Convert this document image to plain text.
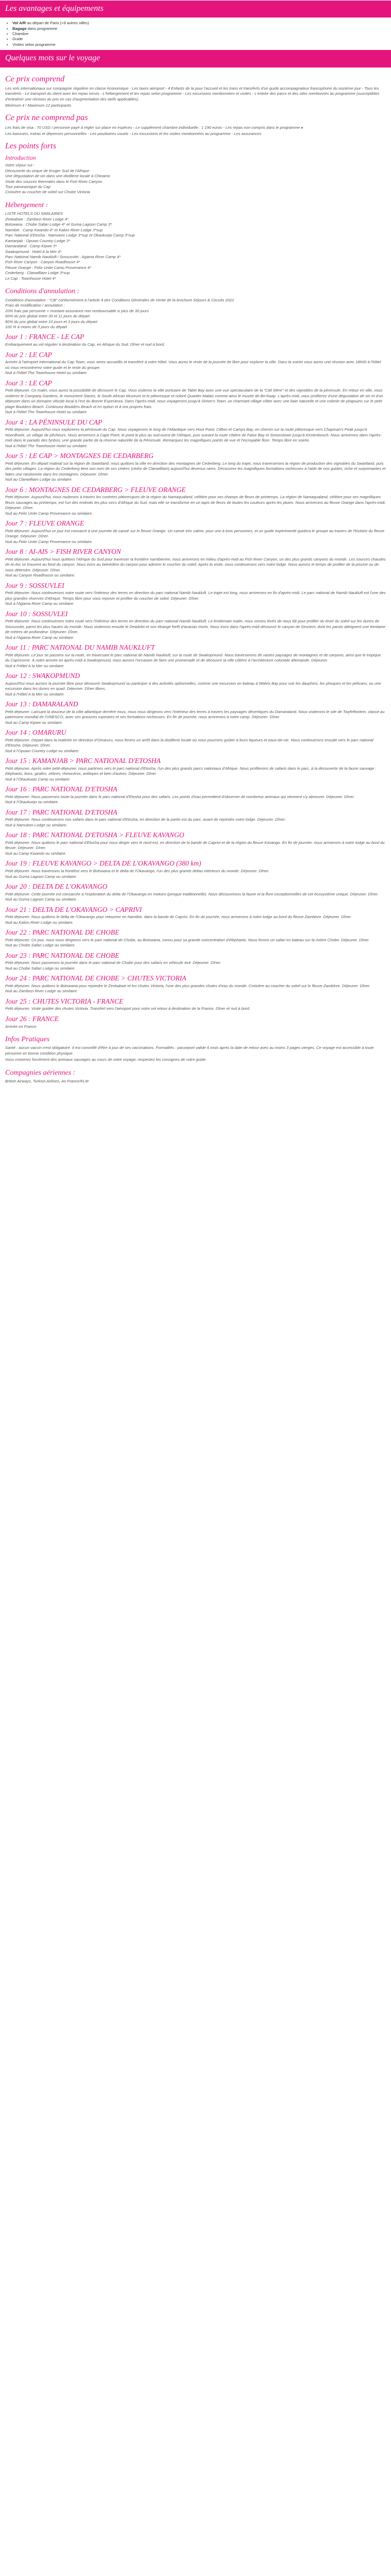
Les avantages et équipements
• Vol A/R au départ de Paris (+9 autres villes)
• Bagage dans programme
• Chambre
• Guide
• Visites selon programme
Quelques mots sur le voyage
Ce prix comprend
Les vols internationaux sur compagnie régulière en classe économique - Les taxes aéroport - 4 Enfants de la pour l'accueil et les trans et transferts d'un guide accompagnateur francophone du onzième jour - Tous les transferts - Le transport du client avec les repas servis - L'hébergement et les repas selon programme - Les excursions mentionnées et visites - L'entrée des parcs et des sites mentionnés au programme (susceptibles d'entraîner une révision du prix en cas d'augmentation des tarifs applicables).
Minimum 4 / Maximum 12 participants
Ce prix ne comprend pas
Les frais de visa : 70 USD / personne payé à régler sur place en espèces - Le supplément chambre individuelle : 1 190 euros - Les repas non compris dans le programme ▸
Les boissons, extras et dépenses personnelles - Les pourboires usuels - Les excursions et les visites mentionnées au programme - Les assurances
Les points forts
Introduction
Votre séjour sur :
Découverte du cirque de Kruger Sud de l'Afrique
Une dégustation de vin dans une distillerie locale à Chinamo
Visite des sources thermales dans le Fish River Canyon
Tour panoramique du Cap
Croisière au coucher de soleil sur Chobe Victoria
Hébergement :
LISTE HOTELS OU SIMILAIRES
Zimbabwe : Zambezi River Lodge 4*
Botswana : Chobe Safari Lodge 4* et Guma Lagoon Camp 3*
Namibie : Camp Kwando 4* et Kalizo River Lodge 3*sup
Parc National d'Etosha : Namutoni Lodge 3*sup et Okaukuejo Camp 3*sup
Kamanjab : Opuwo Country Lodge 3*
Damaraland : Camp Kipwe 3*
Swakopmund : Hotel A la Mer 4*
Parc National Namib Naukluft / Sossusvlei : Agama River Camp 4*
Fish River Canyon : Canyon Roadhouse 4*
Fleuve Orange : Felix Unite Camp Provenance 4*
Cederberg : Clanwilliam Lodge 3*sup
Le Cap : Townhouse Hotel 4*
Conditions d'annulation :
Conditions d'annulation : "CB" conformément à l'article 4 des Conditions Générales de Vente de la brochure Séjours & Circuits 2022
Frais de modification / annulation :
20% frais par personne + montant assurance non remboursable si plus de 30 jours
60% du prix global entre 30 et 11 jours du départ
80% du prix global entre 10 jours et 3 jours du départ
100 % à moins de 3 jours du départ
Jour 1 : FRANCE - LE CAP
Embarquement au vol régulier à destination du Cap, en Afrique du Sud. Dîner et nuit à bord.
Jour 2 : LE CAP
Arrivée à l'aéroport international du Cap Town, vous serez accueillis et transféré à votre hôtel. Vous aurez le reste de la journée de libre pour explorer la ville. Dans la soirée vous aurez une réunion avec 18h00 à l'hôtel où vous rencontrerez votre guide et le reste du groupe.
Nuit à l'hôtel The Townhouse Hotel ou similaire.
Jour 3 : LE CAP
Petit déjeuner. Ce matin, vous aurez la possibilité de découvrir le Cap. Vous visiterez la ville portuaire de Table Bay avec une vue spectaculaire de la "Cité Mère" et des vignobles de la péninsule. En retour en ville, vous visiterez le Company Gardens, le monument Slaves, le South African Museum et le pittoresque et coloré Quartier Malais comme ainsi le musée de Bo-Kaap. L'après-midi, vous profiterez d'une dégustation de vin et d'un déjeuner dans un domaine viticole local à l'est du Bonne Esperanza. Dans l'après-midi, nous voyagerons jusqu'à Simon's Town, un charmant village côtier avec une baie naturelle et une colonie de pingouins sur le petit plage Boulders Beach. Continuez Boulders Beach et en option et à vos propres frais.
Nuit à l'hôtel The Townhouse Hotel ou similaire.
Jour 4 : LA PÉNINSULE DU CAP
Petit déjeuner. Aujourd'hui nous explorerez la péninsule du Cap. Nous voyagerons le long de l'Atlantique vers Hout Point, Clifton et Camps Bay, en chemin sur la route pittoresque vers Chapman's Peak jusqu'à Noordhoek, un village de pêcheurs. Nous arriverons à Cape Point, le point le plus au sud-ouest de l'Afrique, puis suivant la route côtière de False Bay et Simonstown jusqu'à Kirstenbosch. Nous arriverons dans l'après-midi dans le paradis des fynbos, une grande partie de la réserve naturelle de la Péninsule. Remarquez les magnifiques points de vue et l'incroyable flore. Temps libre en soirée.
Nuit à l'hôtel The Townhouse Hotel ou similaire.
Jour 5 : LE CAP > MONTAGNES DE CEDARBERG
Petit déjeuner. En départ matinal sur la région de Swartland, nous quittons la ville en direction des montagnes de Cederberg. Le long du trajet, nous traverserons la région de production des vignobles du Swartland, puis des petits villages. La région du Cederberg tient son nom de ses cèdres (cèdre de Clanwilliam) aujourd'hui devenus rares. Découvrez les magnifiques formations rocheuses à l'aide de nos guides, riche et surprenantes et faites une randonnée dans les montagnes. Déjeuner. Dîner.
Nuit au Clanwilliam Lodge ou similaire.
Jour 6 : MONTAGNES DE CEDARBERG > FLEUVE ORANGE
Petit déjeuner. Aujourd'hui, nous roulerons à travers les contrées pittoresques de la région du Namaqualand, célèbre pour ses champs de fleurs de printemps. La région de Namaqualand, célèbre pour ses magnifiques fleurs sauvages au printemps, est l'un des endroits les plus secs d'Afrique du Sud, mais elle se transforme en un tapis de fleurs de toutes les couleurs après les pluies. Nous arriverons au fleuve Orange dans l'après-midi. Déjeuner. Dîner.
Nuit au Felix Unite Camp Provenance ou similaire.
Jour 7 : FLEUVE ORANGE
Petit déjeuner. Aujourd'hui ce jour est consacré à une journée de canoë sur le fleuve Orange. Un canoë très calme, pour une à trois personnes, et un guide expérimenté guidera le groupe au travers de l'histoire du fleuve Orange. Déjeuner. Dîner.
Nuit au Felix Unite Camp Provenance ou similaire.
Jour 8 : AI-AIS > FISH RIVER CANYON
Petit déjeuner. Aujourd'hui nous quittons l'Afrique du Sud pour traverser la frontière namibienne, nous arriverons en milieu d'après-midi au Fish River Canyon, un des plus grands canyons du monde. Les sources chaudes de Ai-Ais se trouvent au fond du canyon. Nous irons au belvédère du canyon pour admirer le coucher du soleil. Après la visite, nous continuerons vers notre lodge. Nous aurons le temps de profiter de la piscine ou de nous détendre. Déjeuner. Dîner.
Nuit au Canyon Roadhouse ou similaire.
Jour 9 : SOSSUVLEI
Petit déjeuner. Nous continuerons notre route vers l'intérieur des terres en direction du parc national Namib Naukluft. Le trajet est long, nous arriverons en fin d'après-midi. Le parc national de Namib Naukluft est l'une des plus grandes réserves d'Afrique. Temps libre pour vous reposer et profiter du coucher de soleil. Déjeuner. Dîner.
Nuit à l'Agama River Camp ou similaire.
Jour 10 : SOSSUVLEI
Petit déjeuner. Nous continuerons notre route vers l'intérieur des terres en direction du parc national Namib Naukluft. Le lendemain matin, nous serons levés de nous tôt pour profiter du lever du soleil sur les dunes de Sossusvlei, parmi les plus hautes du monde. Nous visiterons ensuite le Deadvlei et son étrange forêt d'acacias morts. Nous irons dans l'après-midi découvrir le canyon de Sesriem, dont les parois atteignent une trentaine de mètres de profondeur. Déjeuner. Dîner.
Nuit à l'Agama River Camp ou similaire.
Jour 11 : PARC NATIONAL DU NAMIB NAUKLUFT
Petit déjeuner. Le jour se passera sur la route, en traversant le parc national de Namib Naukluft, sur la route de Swakopmund. Nous traverserons de vastes paysages de montagnes et de canyons, ainsi que le tropique du Capricorne. À notre arrivée en après-midi à Swakopmund, nous aurons l'occasion de faire une promenade et de découvrir la ville côtière à l'architecture coloniale allemande. Déjeuner.
Nuit à l'Hôtel A la Mer ou similaire.
Jour 12 : SWAKOPMUND
Aujourd'hui nous aurons la journée libre pour découvrir Swakopmund ou participer à des activités optionnelles, comme une excursion en bateau à Walvis Bay pour voir les dauphins, les phoques et les pélicans, ou une excursion dans les dunes en quad. Déjeuner. Dîner libres.
Nuit à l'Hôtel A la Mer ou similaire.
Jour 13 : DAMARALAND
Petit déjeuner. Laissant la douceur de la côte atlantique derrière nous, nous nous dirigeons vers l'intérieur des terres à travers les paysages désertiques du Damaraland. Nous visiterons le site de Twyfelfontein, classé au patrimoine mondial de l'UNESCO, avec ses gravures rupestres et ses formations rocheuses. En fin de journée, nous arriverons à notre camp. Déjeuner. Dîner.
Nuit au Camp Kipwe ou similaire.
Jour 14 : OMARURU
Petit déjeuner. Départ dans la matinée en direction d'Omaruru, nous ferons un arrêt dans la distillerie locale où nous pourrons goûter à leurs liqueurs et eaux-de-vie. Nous continuerons ensuite vers le parc national d'Etosha. Déjeuner. Dîner.
Nuit à l'Opuwo Country Lodge ou similaire.
Jour 15 : KAMANJAB > PARC NATIONAL D'ETOSHA
Petit déjeuner. Après votre petit-déjeuner, nous partirons vers le parc national d'Etosha, l'un des plus grands parcs nationaux d'Afrique. Nous profiterons de safaris dans le parc, à la découverte de la faune sauvage : éléphants, lions, girafes, zèbres, rhinocéros, antilopes et bien d'autres. Déjeuner. Dîner.
Nuit à l'Okaukuejo Camp ou similaire.
Jour 16 : PARC NATIONAL D'ETOSHA
Petit déjeuner. Nous passerons toute la journée dans le parc national d'Etosha pour des safaris. Les points d'eau permettent d'observer de nombreux animaux qui viennent s'y abreuver. Déjeuner. Dîner.
Nuit à l'Okaukuejo ou similaire.
Jour 17 : PARC NATIONAL D'ETOSHA
Petit déjeuner. Nous continuerons nos safaris dans le parc national d'Etosha, en direction de la partie est du parc, avant de rejoindre notre lodge. Déjeuner. Dîner.
Nuit à Namutoni Lodge ou similaire.
Jour 18 : PARC NATIONAL D'ETOSHA > FLEUVE KAVANGO
Petit déjeuner. Nous quittons le parc national d'Etosha pour nous diriger vers le nord-est, en direction de la bande de Caprivi et de la région du fleuve Kavango. En fin de journée, nous arriverons à notre lodge au bord du fleuve. Déjeuner. Dîner.
Nuit au Camp Kwando ou similaire.
Jour 19 : FLEUVE KAVANGO > DELTA DE L'OKAVANGO (380 km)
Petit déjeuner. Nous traversons la frontière vers le Botswana et le delta de l'Okavango, l'un des plus grands deltas intérieurs du monde. Déjeuner. Dîner.
Nuit au Guma Lagoon Camp ou similaire.
Jour 20 : DELTA DE L'OKAVANGO
Petit déjeuner. Cette journée est consacrée à l'exploration du delta de l'Okavango en mokoro (pirogue traditionnelle). Nous découvrirons la faune et la flore exceptionnelles de cet écosystème unique. Déjeuner. Dîner.
Nuit au Guma Lagoon Camp ou similaire.
Jour 21 : DELTA DE L'OKAVANGO > CAPRIVI
Petit déjeuner. Nous quittons le delta de l'Okavango pour retourner en Namibie, dans la bande de Caprivi. En fin de journée, nous arriverons à notre lodge au bord du fleuve Zambèze. Déjeuner. Dîner.
Nuit au Kalizo River Lodge ou similaire.
Jour 22 : PARC NATIONAL DE CHOBE
Petit déjeuner. Ce jour, nous nous dirigeons vers le parc national de Chobe, au Botswana, connu pour sa grande concentration d'éléphants. Nous ferons un safari en bateau sur la rivière Chobe. Déjeuner. Dîner.
Nuit au Chobe Safari Lodge ou similaire.
Jour 23 : PARC NATIONAL DE CHOBE
Petit déjeuner. Nous passerons la journée dans le parc national de Chobe pour des safaris en véhicule 4x4. Déjeuner. Dîner.
Nuit au Chobe Safari Lodge ou similaire.
Jour 24 : PARC NATIONAL DE CHOBE > CHUTES VICTORIA
Petit déjeuner. Nous quittons le Botswana pour rejoindre le Zimbabwe et les chutes Victoria, l'une des plus grandes chutes d'eau du monde. Croisière au coucher du soleil sur le fleuve Zambèze. Déjeuner. Dîner.
Nuit au Zambezi River Lodge ou similaire.
Jour 25 : CHUTES VICTORIA - FRANCE
Petit déjeuner. Visite guidée des chutes Victoria. Transfert vers l'aéroport pour votre vol retour à destination de la France. Dîner et nuit à bord.
Jour 26 : FRANCE
Arrivée en France.
Infos Pratiques
Santé : aucun vaccin n'est obligatoire. Il est conseillé d'être à jour de ses vaccinations. Formalités : passeport valide 6 mois après la date de retour avec au moins 3 pages vierges. Ce voyage est accessible à toute personne en bonne condition physique.
Vous croiserez forcément des animaux sauvages au cours de votre voyage, respectez les consignes de votre guide.
Compagnies aériennes :
British Airways, Turkish Airlines, Air France/KLM
